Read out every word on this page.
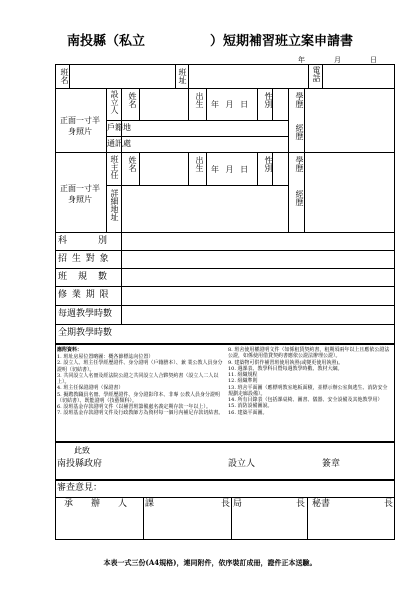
南投縣（私立　　　　　）短期補習班立案申請書
年	月	日
班名	班址	電話
正面一寸半身照片
設立人	姓名	出生 年 月 日	性別	學歷
經歷
戶籍地
通訊處
正面一寸半身照片
班主任	姓名	出生 年 月 日	性別	學歷
經歷
詳細地址
科　　　別
招 生 對 象
班　規　數
修 業 期 限
每週教學時數
全期教學時數
應附資料：
1. 班址房屋位置略圖：概各節標誌向位置）
2. 設立人、班主任學經歷證件、身分證明（戶籍謄本）、兼 業公教人員身分證明（切結書）。
3. 共同設立人名冊及經法院公證之共同設立人合夥契約書（設立人二人以上）。
4. 班主任保證證明（保證書）
5. 擬聘教職員名冊、學經歷證件、身分證影印本、非專 公教人員身分證明（切結書）、既能證明（技藝類科）。
6. 設班基金存款證明文件（以補習班籌備處名義定期存款一年以上）。
7. 設班基金存款證明文件及行政教師方為資材每一個月內補足存款切結書。
8. 班舍使用權證明文件（如係租賃契約書，租期須兩年以上且應依公證法公證，如係使用借貸契約書應依公證法辦理公證）。
9. 建築物可供作補習班使用執照(或變更使用執照)。
10. 週課表、教學科目暨每週教學時數、教材大綱。
11. 組織規程
12. 組織準則
13. 班舍平面圖（應標明教室地板面積，並標示辦公室與逃生、消防安全規劃走廊設備）。
14. 所有目錄表（包括課桌椅、圖書、儀器、安全設備及其他教學用）
15. 消防設備圖說。
16. 建築平面圖。
此致
南投縣政府	設立人	簽章
審查意見：
承　　辦　　人 課	長 局	長 秘書	長
本表一式三份(A4規格)，連同附件，依序裝訂成冊，證件正本送驗。
